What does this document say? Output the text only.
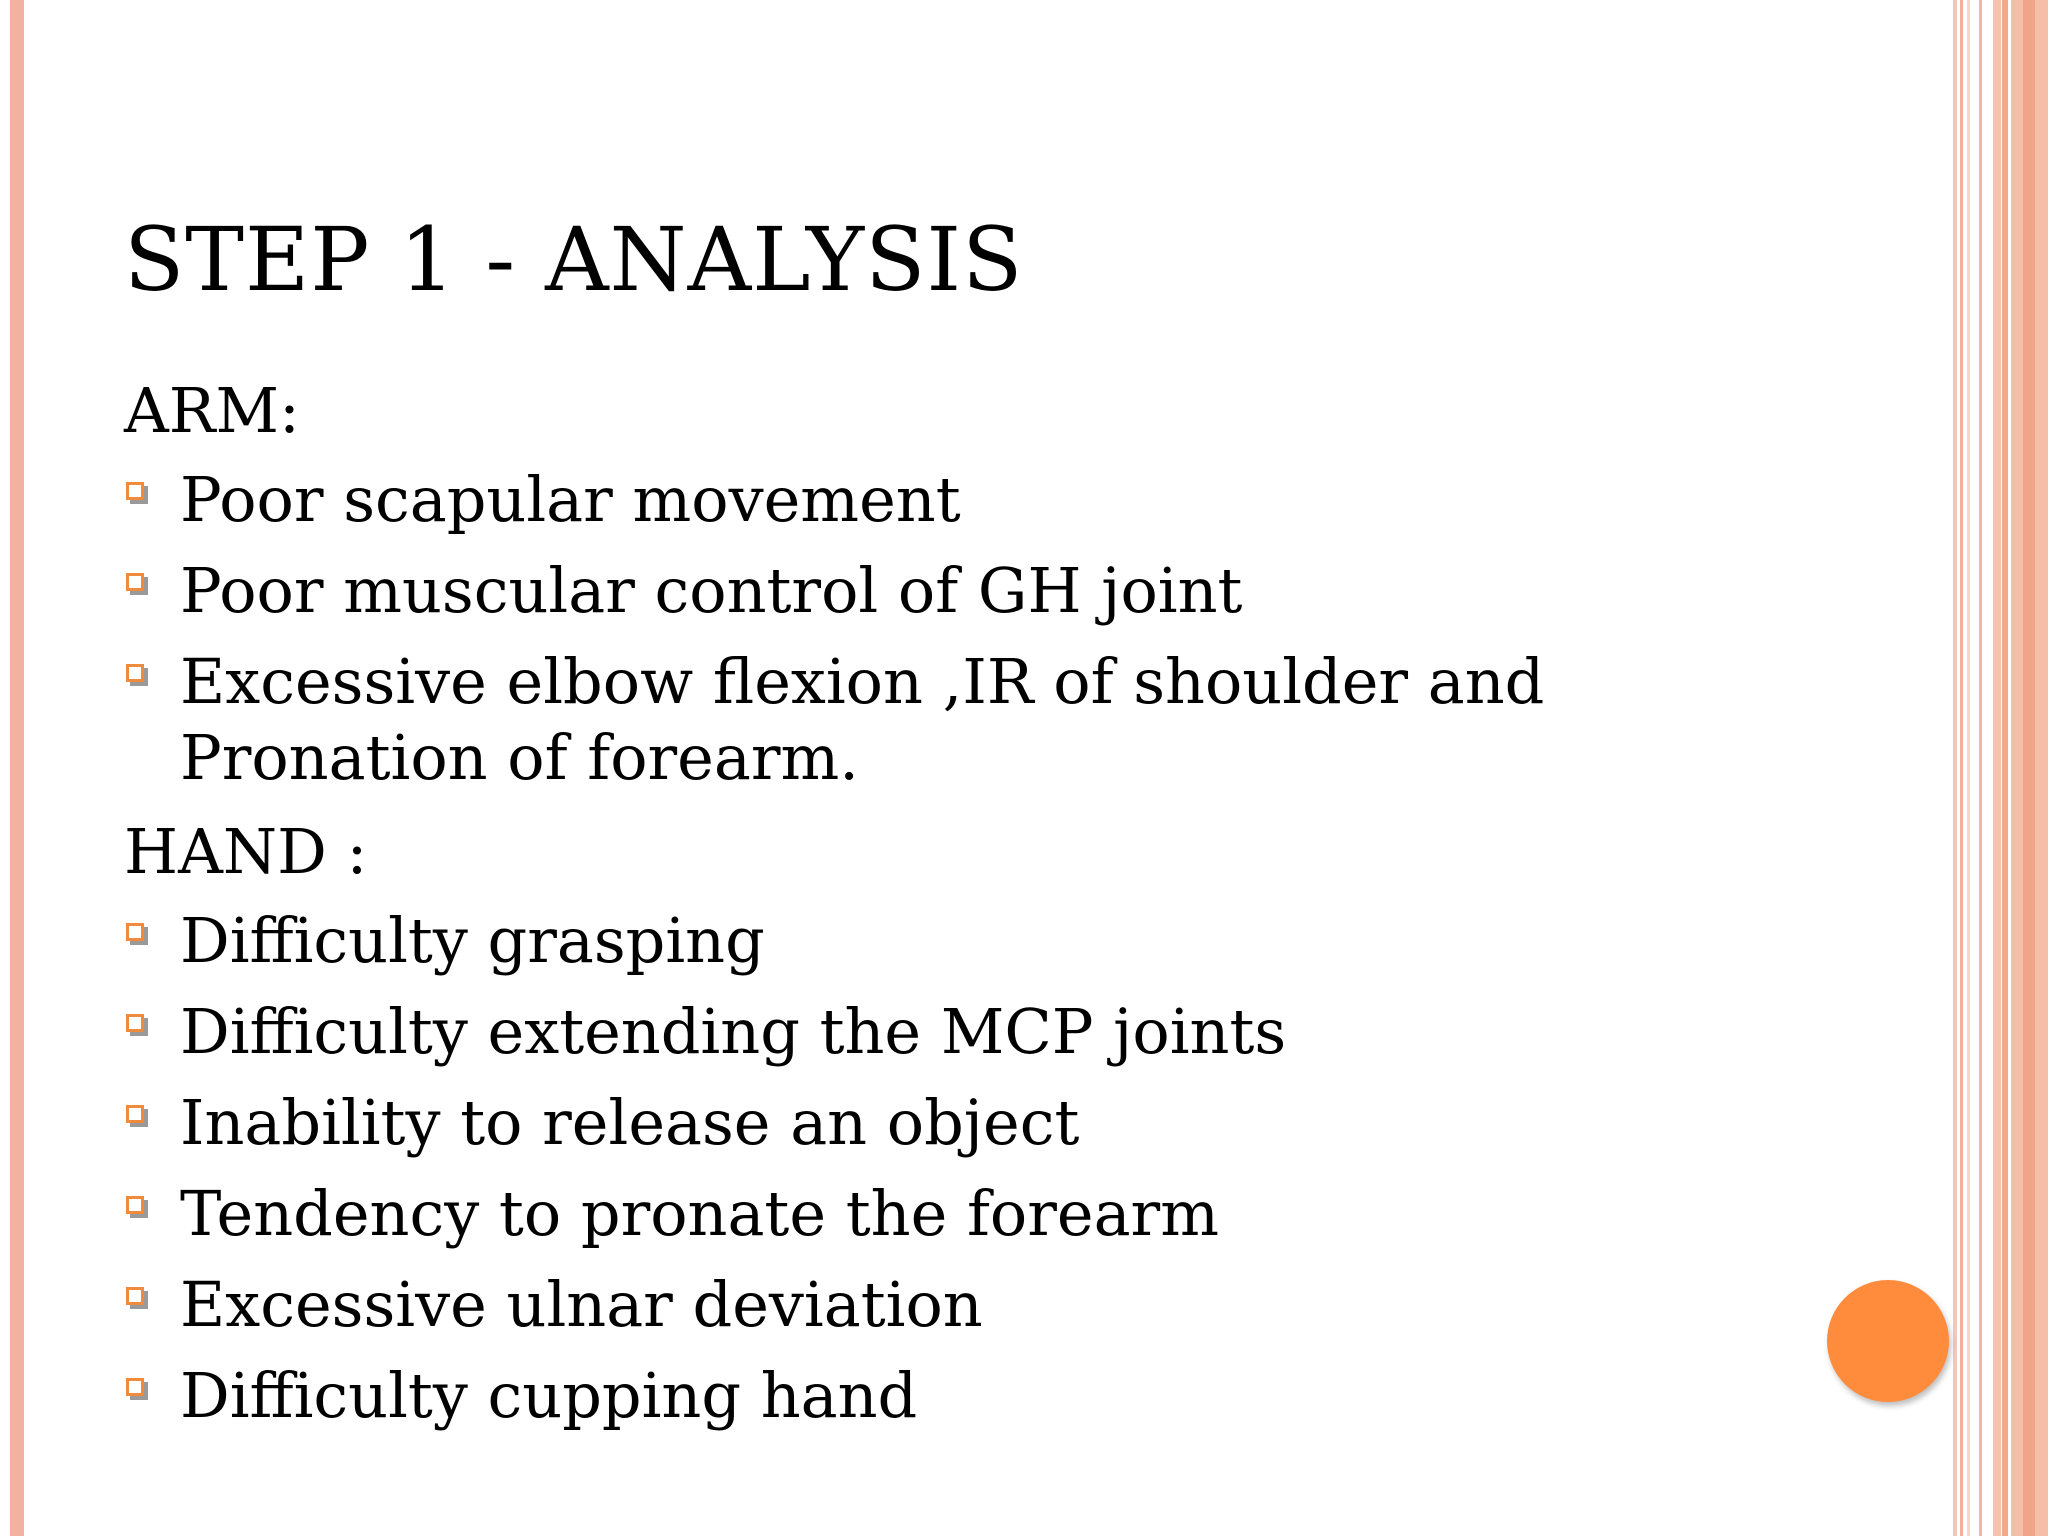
STEP 1 - ANALYSIS
ARM:
Poor scapular movement
Poor muscular control of GH joint
Excessive elbow flexion ,IR of shoulder and Pronation of forearm.
HAND :
Difficulty grasping
Difficulty extending the MCP joints
Inability to release an object
Tendency to pronate the forearm
Excessive ulnar deviation
Difficulty cupping hand
